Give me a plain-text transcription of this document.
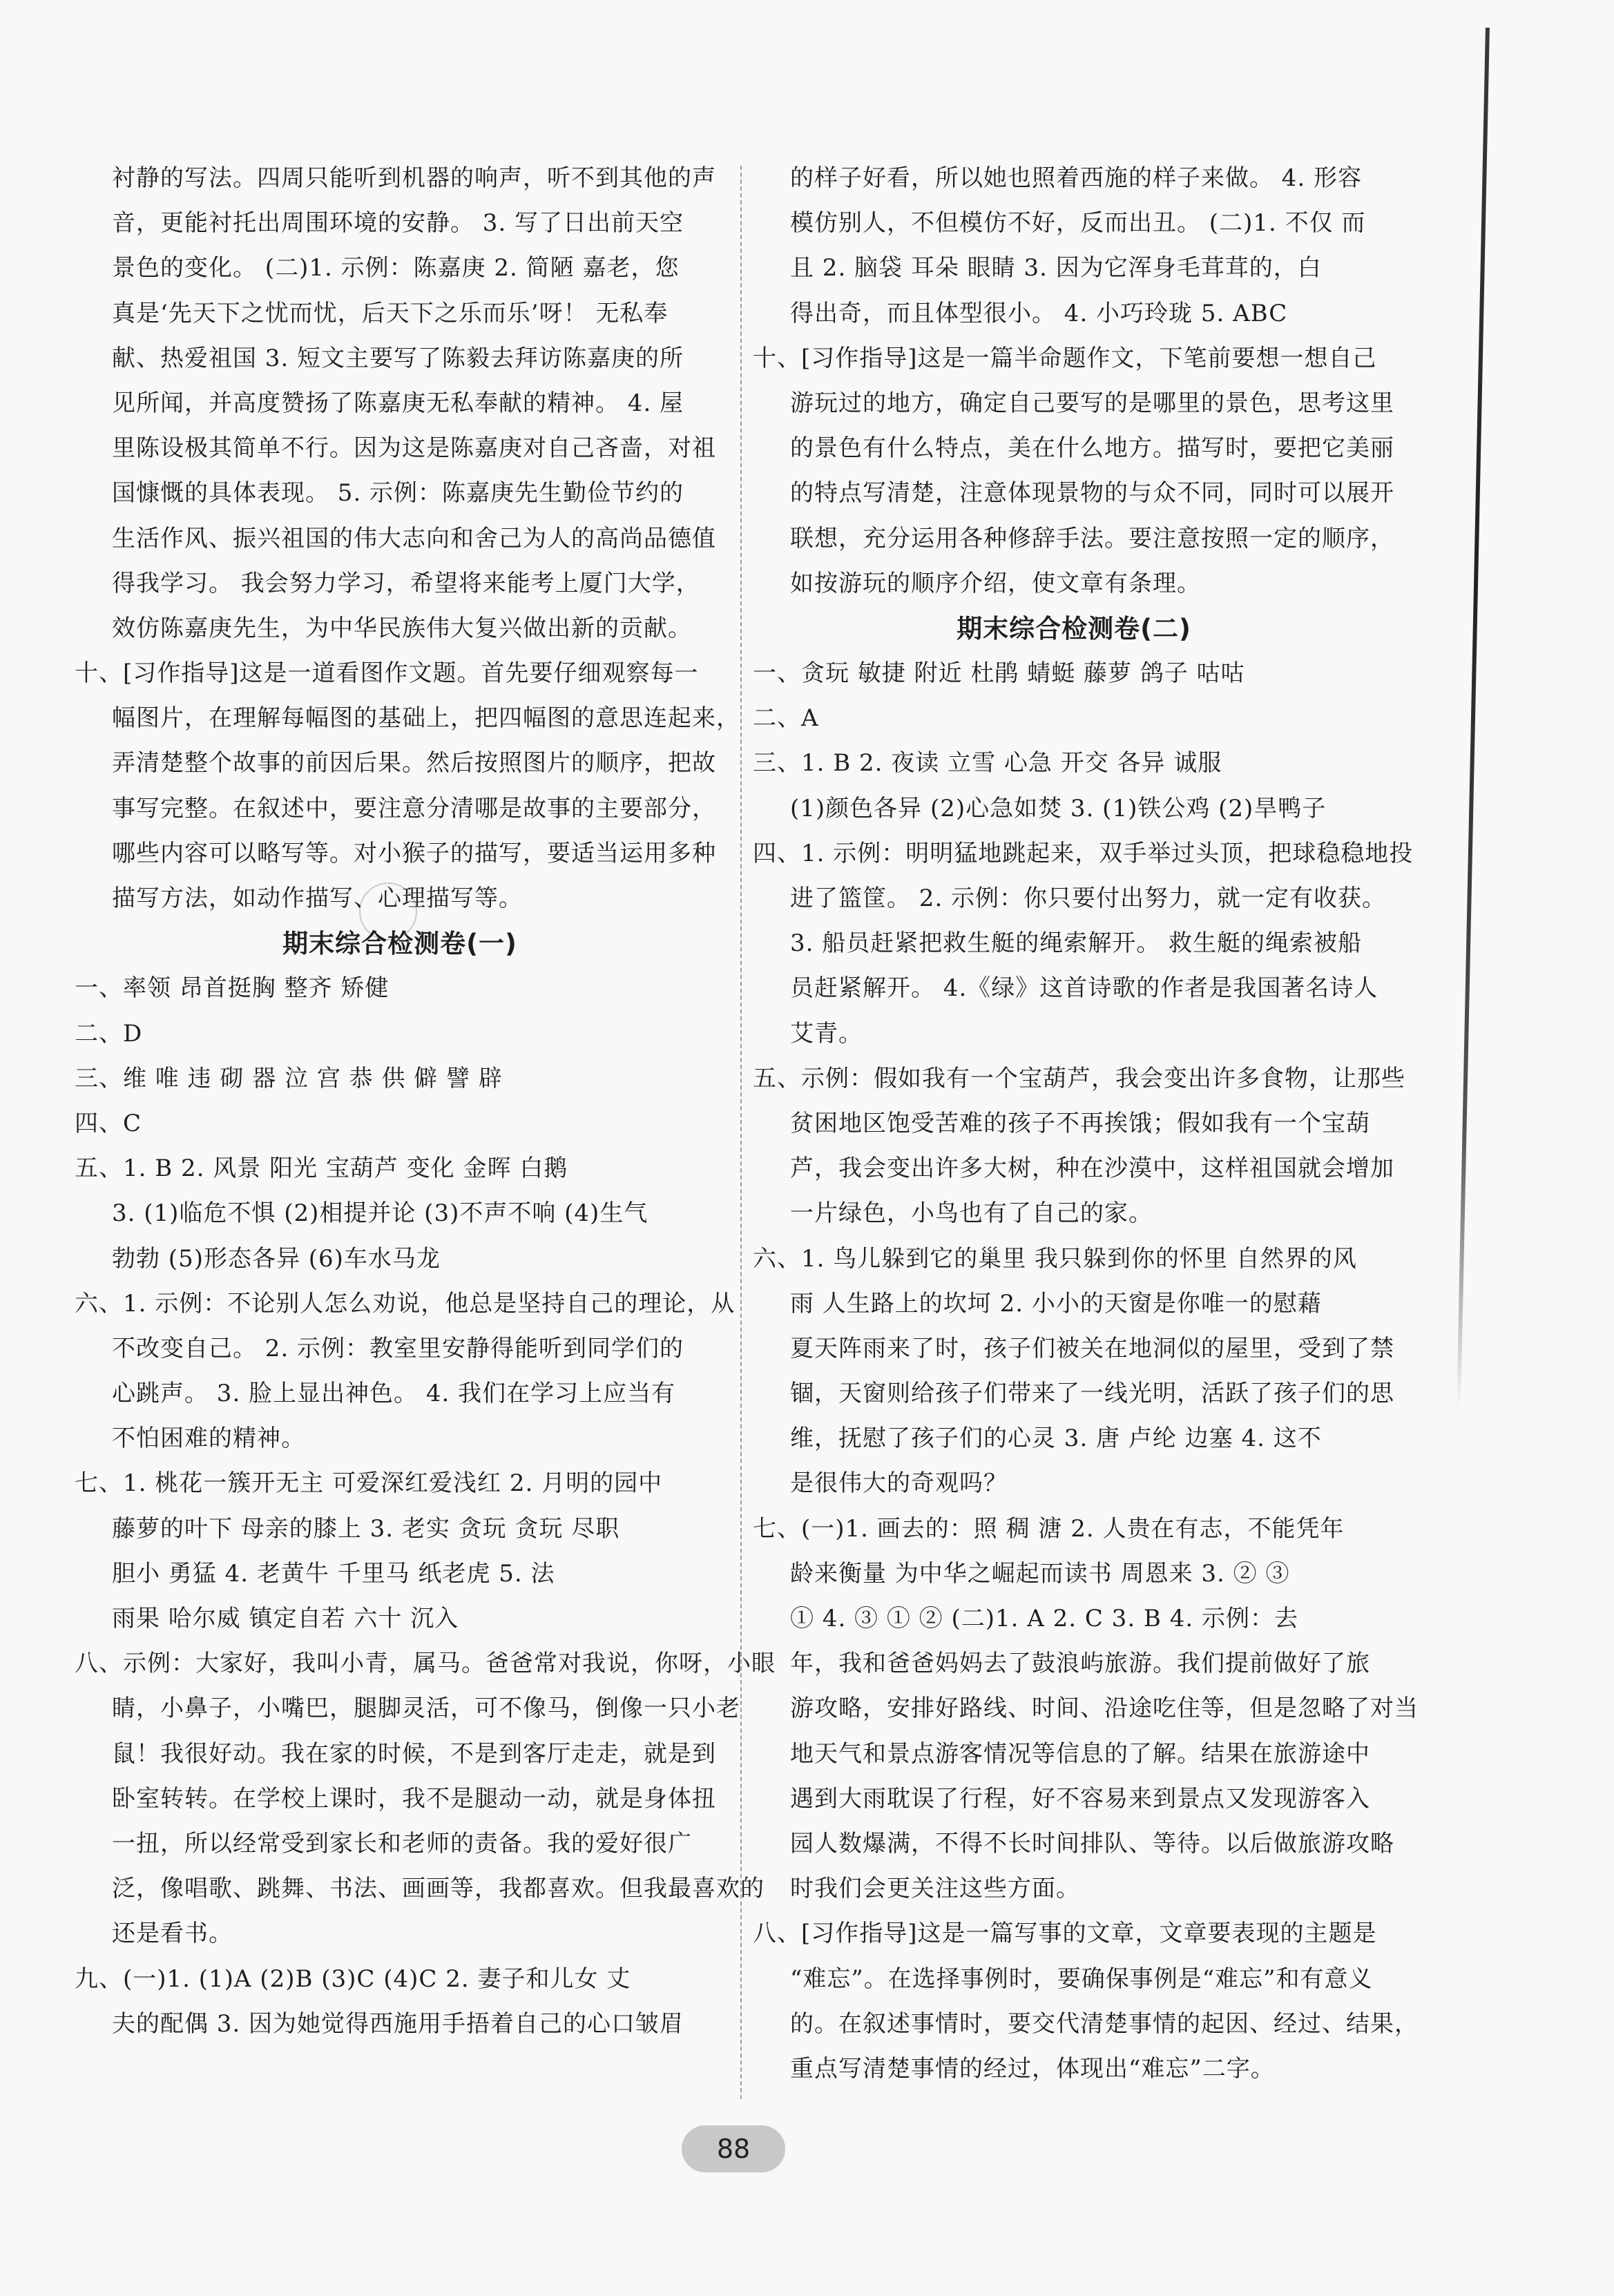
衬静的写法。四周只能听到机器的响声，听不到其他的声
音，更能衬托出周围环境的安静。 3. 写了日出前天空
景色的变化。 (二)1. 示例：陈嘉庚 2. 简陋 嘉老，您
真是‘先天下之忧而忧，后天下之乐而乐’呀！ 无私奉
献、热爱祖国 3. 短文主要写了陈毅去拜访陈嘉庚的所
见所闻，并高度赞扬了陈嘉庚无私奉献的精神。 4. 屋
里陈设极其简单不行。因为这是陈嘉庚对自己吝啬，对祖
国慷慨的具体表现。 5. 示例：陈嘉庚先生勤俭节约的
生活作风、振兴祖国的伟大志向和舍己为人的高尚品德值
得我学习。 我会努力学习，希望将来能考上厦门大学，
效仿陈嘉庚先生，为中华民族伟大复兴做出新的贡献。
十、[习作指导]这是一道看图作文题。首先要仔细观察每一
幅图片，在理解每幅图的基础上，把四幅图的意思连起来，
弄清楚整个故事的前因后果。然后按照图片的顺序，把故
事写完整。在叙述中，要注意分清哪是故事的主要部分，
哪些内容可以略写等。对小猴子的描写，要适当运用多种
描写方法，如动作描写、心理描写等。
期末综合检测卷(一)
一、率领 昂首挺胸 整齐 矫健
二、D
三、维 唯 违 砌 器 泣 宫 恭 供 僻 譬 辟
四、C
五、1. B 2. 风景 阳光 宝葫芦 变化 金晖 白鹅
3. (1)临危不惧 (2)相提并论 (3)不声不响 (4)生气
勃勃 (5)形态各异 (6)车水马龙
六、1. 示例：不论别人怎么劝说，他总是坚持自己的理论，从
不改变自己。 2. 示例：教室里安静得能听到同学们的
心跳声。 3. 脸上显出神色。 4. 我们在学习上应当有
不怕困难的精神。
七、1. 桃花一簇开无主 可爱深红爱浅红 2. 月明的园中
藤萝的叶下 母亲的膝上 3. 老实 贪玩 贪玩 尽职
胆小 勇猛 4. 老黄牛 千里马 纸老虎 5. 法
雨果 哈尔威 镇定自若 六十 沉入
八、示例：大家好，我叫小青，属马。爸爸常对我说，你呀，小眼
睛，小鼻子，小嘴巴，腿脚灵活，可不像马，倒像一只小老
鼠！我很好动。我在家的时候，不是到客厅走走，就是到
卧室转转。在学校上课时，我不是腿动一动，就是身体扭
一扭，所以经常受到家长和老师的责备。我的爱好很广
泛，像唱歌、跳舞、书法、画画等，我都喜欢。但我最喜欢的
还是看书。
九、(一)1. (1)A (2)B (3)C (4)C 2. 妻子和儿女 丈
夫的配偶 3. 因为她觉得西施用手捂着自己的心口皱眉
的样子好看，所以她也照着西施的样子来做。 4. 形容
模仿别人，不但模仿不好，反而出丑。 (二)1. 不仅 而
且 2. 脑袋 耳朵 眼睛 3. 因为它浑身毛茸茸的，白
得出奇，而且体型很小。 4. 小巧玲珑 5. ABC
十、[习作指导]这是一篇半命题作文，下笔前要想一想自己
游玩过的地方，确定自己要写的是哪里的景色，思考这里
的景色有什么特点，美在什么地方。描写时，要把它美丽
的特点写清楚，注意体现景物的与众不同，同时可以展开
联想，充分运用各种修辞手法。要注意按照一定的顺序，
如按游玩的顺序介绍，使文章有条理。
期末综合检测卷(二)
一、贪玩 敏捷 附近 杜鹃 蜻蜓 藤萝 鸽子 咕咕
二、A
三、1. B 2. 夜读 立雪 心急 开交 各异 诚服
(1)颜色各异 (2)心急如焚 3. (1)铁公鸡 (2)旱鸭子
四、1. 示例：明明猛地跳起来，双手举过头顶，把球稳稳地投
进了篮筐。 2. 示例：你只要付出努力，就一定有收获。
3. 船员赶紧把救生艇的绳索解开。 救生艇的绳索被船
员赶紧解开。 4.《绿》这首诗歌的作者是我国著名诗人
艾青。
五、示例：假如我有一个宝葫芦，我会变出许多食物，让那些
贫困地区饱受苦难的孩子不再挨饿；假如我有一个宝葫
芦，我会变出许多大树，种在沙漠中，这样祖国就会增加
一片绿色，小鸟也有了自己的家。
六、1. 鸟儿躲到它的巢里 我只躲到你的怀里 自然界的风
雨 人生路上的坎坷 2. 小小的天窗是你唯一的慰藉
夏天阵雨来了时，孩子们被关在地洞似的屋里，受到了禁
锢，天窗则给孩子们带来了一线光明，活跃了孩子们的思
维，抚慰了孩子们的心灵 3. 唐 卢纶 边塞 4. 这不
是很伟大的奇观吗？
七、(一)1. 画去的：照 稠 溏 2. 人贵在有志，不能凭年
龄来衡量 为中华之崛起而读书 周恩来 3. ② ③
① 4. ③ ① ② (二)1. A 2. C 3. B 4. 示例：去
年，我和爸爸妈妈去了鼓浪屿旅游。我们提前做好了旅
游攻略，安排好路线、时间、沿途吃住等，但是忽略了对当
地天气和景点游客情况等信息的了解。结果在旅游途中
遇到大雨耽误了行程，好不容易来到景点又发现游客入
园人数爆满，不得不长时间排队、等待。以后做旅游攻略
时我们会更关注这些方面。
八、[习作指导]这是一篇写事的文章，文章要表现的主题是
“难忘”。在选择事例时，要确保事例是“难忘”和有意义
的。在叙述事情时，要交代清楚事情的起因、经过、结果，
重点写清楚事情的经过，体现出“难忘”二字。
88
